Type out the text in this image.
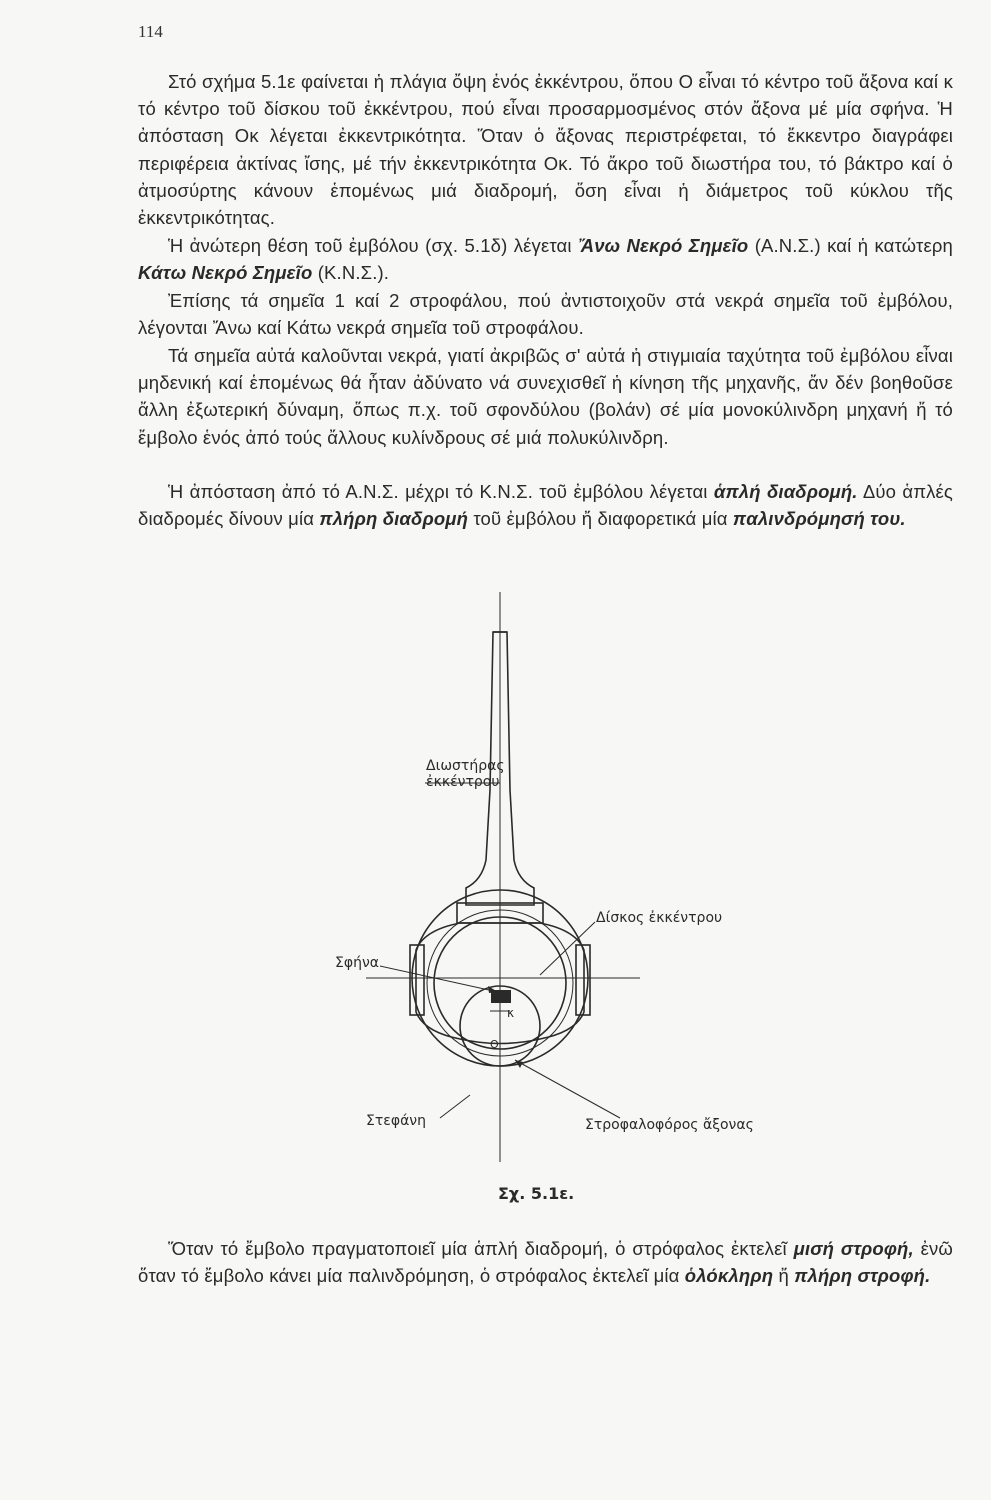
114

Στό σχήμα 5.1ε φαίνεται ἡ πλάγια ὄψη ἑνός ἐκκέντρου, ὅπου Ο εἶναι τό κέντρο τοῦ ἄξονα καί κ τό κέντρο τοῦ δίσκου τοῦ ἐκκέντρου, πού εἶναι προσαρμοσμένος στόν ἄξονα μέ μία σφήνα. Ἡ ἀπόσταση Οκ λέγεται ἐκκεντρικότητα. Ὅταν ὁ ἄξονας περιστρέφεται, τό ἔκκεντρο διαγράφει περιφέρεια ἀκτίνας ἴσης, μέ τήν ἐκκεντρικότητα Οκ. Τό ἄκρο τοῦ διωστήρα του, τό βάκτρο καί ὁ ἀτμοσύρτης κάνουν ἑπομένως μιά διαδρομή, ὅση εἶναι ἡ διάμετρος τοῦ κύκλου τῆς ἐκκεντρικότητας.

Ἡ ἀνώτερη θέση τοῦ ἐμβόλου (σχ. 5.1δ) λέγεται Ἄνω Νεκρό Σημεῖο (Α.Ν.Σ.) καί ἡ κατώτερη Κάτω Νεκρό Σημεῖο (Κ.Ν.Σ.).

Ἐπίσης τά σημεῖα 1 καί 2 στροφάλου, πού ἀντιστοιχοῦν στά νεκρά σημεῖα τοῦ ἐμβόλου, λέγονται Ἄνω καί Κάτω νεκρά σημεῖα τοῦ στροφάλου.

Τά σημεῖα αὐτά καλοῦνται νεκρά, γιατί ἀκριβῶς σ' αὐτά ἡ στιγμιαία ταχύτητα τοῦ ἐμβόλου εἶναι μηδενική καί ἑπομένως θά ἦταν ἀδύνατο νά συνεχισθεῖ ἡ κίνηση τῆς μηχανῆς, ἄν δέν βοηθοῦσε ἄλλη ἐξωτερική δύναμη, ὅπως π.χ. τοῦ σφονδύλου (βολάν) σέ μία μονοκύλινδρη μηχανή ἤ τό ἔμβολο ἑνός ἀπό τούς ἄλλους κυλίνδρους σέ μιά πολυκύλινδρη.

Ἡ ἀπόσταση ἀπό τό Α.Ν.Σ. μέχρι τό Κ.Ν.Σ. τοῦ ἐμβόλου λέγεται ἁπλή διαδρομή. Δύο ἁπλές διαδρομές δίνουν μία πλήρη διαδρομή τοῦ ἐμβόλου ἤ διαφορετικά μία παλινδρόμησή του.

Διωστήρας
ἐκκέντρου
Δίσκος ἐκκέντρου
Σφήνα
κ
Ο
Στεφάνη	Στροφαλοφόρος ἄξονας
Σχ. 5.1ε.

Ὅταν τό ἔμβολο πραγματοποιεῖ μία ἁπλή διαδρομή, ὁ στρόφαλος ἐκτελεῖ μισή στροφή, ἐνῶ ὅταν τό ἔμβολο κάνει μία παλινδρόμηση, ὁ στρόφαλος ἐκτελεῖ μία ὁλόκληρη ἤ πλήρη στροφή.
